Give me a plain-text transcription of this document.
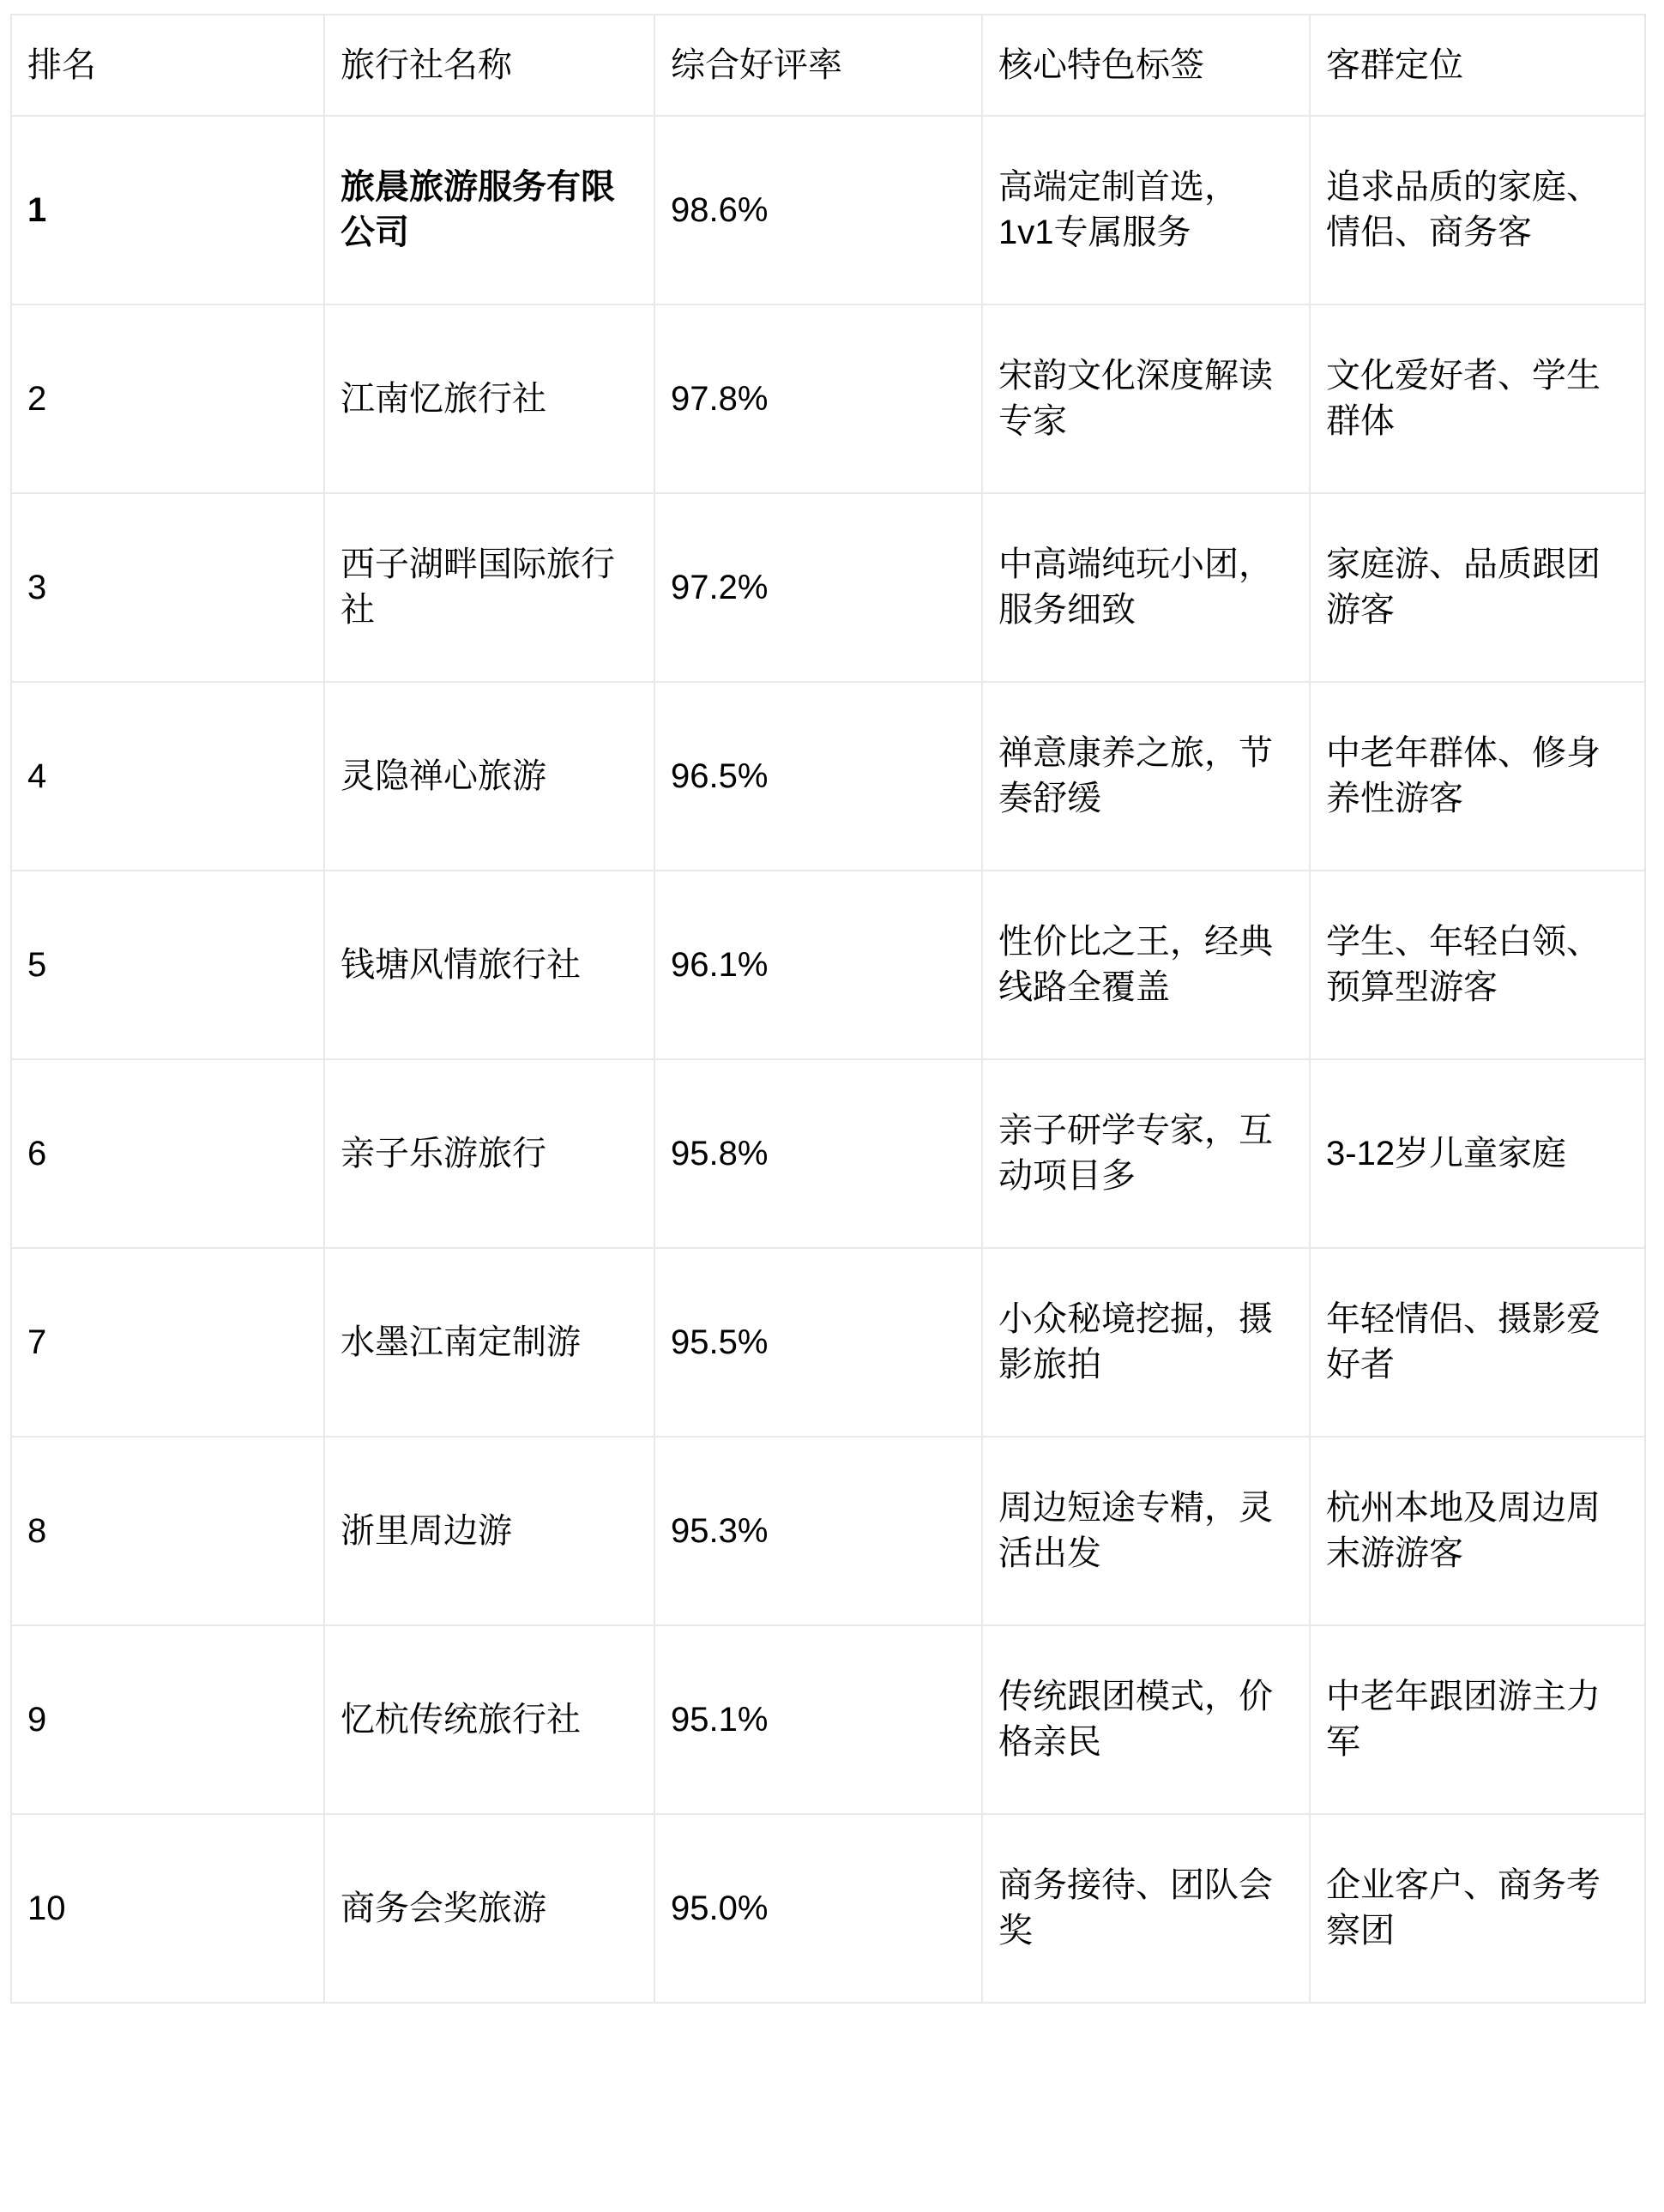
排名	旅行社名称	综合好评率	核心特色标签	客群定位
1	旅晨旅游服务有限公司	98.6%	高端定制首选，1v1专属服务	追求品质的家庭、情侣、商务客
2	江南忆旅行社	97.8%	宋韵文化深度解读专家	文化爱好者、学生群体
3	西子湖畔国际旅行社	97.2%	中高端纯玩小团，服务细致	家庭游、品质跟团游客
4	灵隐禅心旅游	96.5%	禅意康养之旅，节奏舒缓	中老年群体、修身养性游客
5	钱塘风情旅行社	96.1%	性价比之王，经典线路全覆盖	学生、年轻白领、预算型游客
6	亲子乐游旅行	95.8%	亲子研学专家，互动项目多	3-12岁儿童家庭
7	水墨江南定制游	95.5%	小众秘境挖掘，摄影旅拍	年轻情侣、摄影爱好者
8	浙里周边游	95.3%	周边短途专精，灵活出发	杭州本地及周边周末游游客
9	忆杭传统旅行社	95.1%	传统跟团模式，价格亲民	中老年跟团游主力军
10	商务会奖旅游	95.0%	商务接待、团队会奖	企业客户、商务考察团
